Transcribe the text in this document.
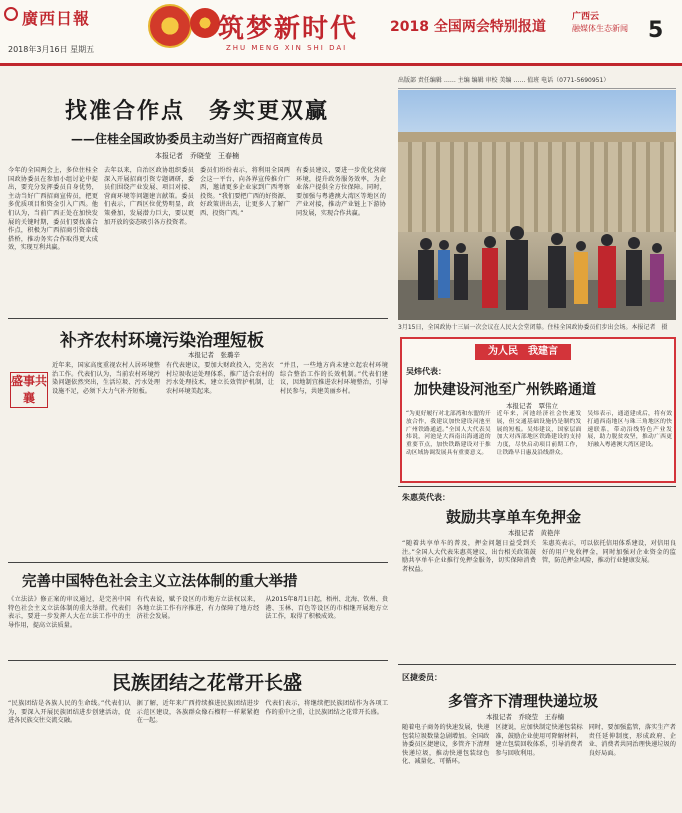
廣西日報
2018年3月16日 星期五
筑梦新时代
ZHU MENG XIN SHI DAI
2018 全国两会特别报道
广西云
融媒体生态新闻 5
找准合作点　务实更双赢
——住桂全国政协委员主动当好广西招商宣传员
本报记者　乔晓莹　王春楠

今年的全国两会上，多位住桂全国政协委员在参加小组讨论中提出，要充分发挥委员自身优势，主动当好广西招商宣传员，把更多优质项目和资金引入广西。他们认为，当前广西正处在加快发展的关键时期，委员们要找准合作点，积极为广西招商引资牵线搭桥，推动务实合作取得更大成效，实现互利共赢。

去年以来，自治区政协组织委员深入开展招商引资专题调研，委员们围绕产业发展、项目对接、营商环境等问题建言献策。委员们表示，广西区位优势明显，政策叠加，发展潜力巨大，要以更加开放的姿态吸引各方投资者。

委员们纷纷表示，将利用全国两会这一平台，向各界宣传推介广西，邀请更多企业家到广西考察投资。“我们要把广西的好资源、好政策讲出去，让更多人了解广西、投资广西。”

有委员建议，要进一步优化营商环境，提升政务服务效率，为企业落户提供全方位保障。同时，要加强与粤港澳大湾区等地区的产业对接，推动产业链上下游协同发展，实现合作共赢。

出版部 责任编辑 …… 主编 编辑 审校 美编 …… 值班 电话（0771-5690951）
3月15日，全国政协十三届一次会议在人民大会堂闭幕。住桂全国政协委员们步出会场。本报记者　摄
为人民　我建言
吴炜代表：
加快建设河池至广州铁路通道
本报记者　覃伟立

“为更好履行对北部湾和东盟的开放合作，我建议加快建设河池至广州铁路通道。”全国人大代表吴炜说，河池是大西南出海通道的重要节点，加快铁路建设对于推动区域协调发展具有重要意义。

近年来，河池经济社会快速发展，但交通基础设施仍是制约发展的短板。吴炜建议，国家层面加大对西部地区铁路建设的支持力度，尽快启动项目前期工作，让铁路早日惠及沿线群众。

吴炜表示，通道建成后，将有效打通西南地区与珠三角地区的快速联系，带动沿线特色产业发展，助力脱贫攻坚，推动广西更好融入粤港澳大湾区建设。

补齐农村环境污染治理短板
本报记者　张璐辛
盛事共襄

近年来，国家高度重视农村人居环境整治工作。代表们认为，当前农村环境污染问题依然突出，生活垃圾、污水处理设施不足，必须下大力气补齐短板。

有代表建议，要加大财政投入，完善农村垃圾收运处理体系，推广适合农村的污水处理技术，建立长效管护机制，让农村环境美起来。

“并且，一些地方尚未建立起农村环境综合整治工作的长效机制。”代表们建议，因地制宜推进农村环境整治，引导村民参与，共建美丽乡村。

朱惠英代表：
鼓励共享单车免押金
本报记者　黄艳萍

“随着共享单车的普及，押金问题日益受到关注。”全国人大代表朱惠英建议，出台相关政策鼓励共享单车企业推行免押金服务，切实保障消费者权益。

朱惠英表示，可以依托信用体系建设，对信用良好的用户免收押金，同时加强对企业资金的监管，防范押金风险，推动行业健康发展。

完善中国特色社会主义立法体制的重大举措

《立法法》修正案的审议通过，是完善中国特色社会主义立法体制的重大举措。代表们表示，要进一步发挥人大在立法工作中的主导作用，提高立法质量。

有代表说，赋予设区的市地方立法权以来，各地立法工作有序推进，有力保障了地方经济社会发展。

从2015年8月1日起，梧州、北海、钦州、贵港、玉林、百色等设区的市相继开展地方立法工作，取得了积极成效。

民族团结之花常开长盛

“民族团结是各族人民的生命线。”代表们认为，要深入开展民族团结进步创建活动，促进各民族交往交流交融。

据了解，近年来广西持续推进民族团结进步示范区建设，各族群众像石榴籽一样紧紧抱在一起。

代表们表示，将继续把民族团结作为各项工作的重中之重，让民族团结之花常开长盛。

区捷委员：
多管齐下清理快递垃圾
本报记者　乔晓莹　王春楠

随着电子商务的快速发展，快递包装垃圾数量急剧增加。全国政协委员区捷建议，多管齐下清理快递垃圾，推动快递包装绿色化、减量化、可循环。

区捷说，应加快制定快递包装标准，鼓励企业使用可降解材料，建立包装回收体系，引导消费者参与回收利用。

同时，要加强监管，落实生产者责任延伸制度，形成政府、企业、消费者共同治理快递垃圾的良好局面。
